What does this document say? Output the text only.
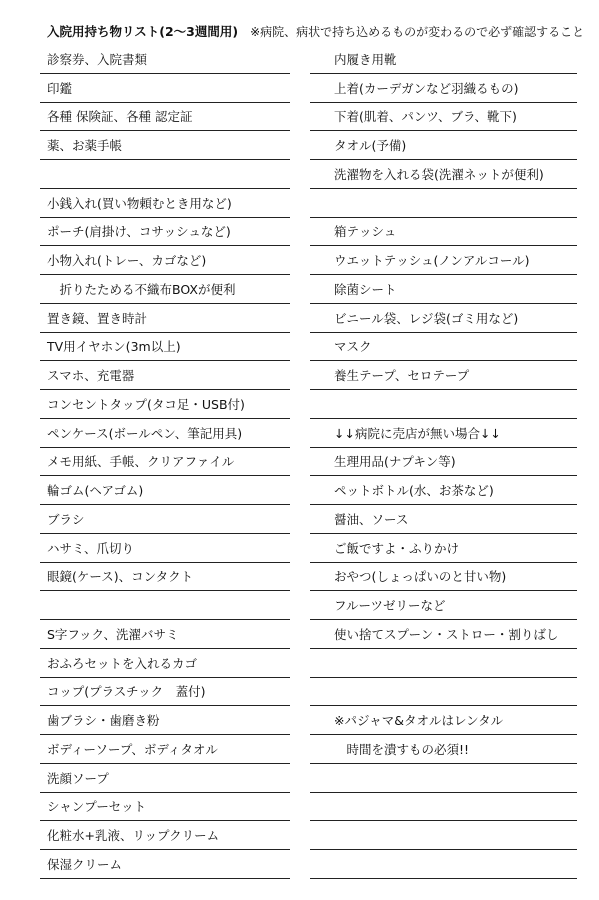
入院用持ち物リスト(2〜3週間用) ※病院、病状で持ち込めるものが変わるので必ず確認すること
診察券、入院書類
印鑑
各種 保険証、各種 認定証
薬、お薬手帳
小銭入れ(買い物頼むとき用など)
ポーチ(肩掛け、コサッシュなど)
小物入れ(トレー、カゴなど)
　折りたためる不織布BOXが便利
置き鏡、置き時計
TV用イヤホン(3m以上)
スマホ、充電器
コンセントタップ(タコ足・USB付)
ペンケース(ボールペン、筆記用具)
メモ用紙、手帳、クリアファイル
輪ゴム(ヘアゴム)
ブラシ
ハサミ、爪切り
眼鏡(ケース)、コンタクト
S字フック、洗濯バサミ
おふろセットを入れるカゴ
コップ(プラスチック　蓋付)
歯ブラシ・歯磨き粉
ボディーソープ、ボディタオル
洗顔ソープ
シャンプーセット
化粧水+乳液、リップクリーム
保湿クリーム
内履き用靴
上着(カーデガンなど羽織るもの)
下着(肌着、パンツ、ブラ、靴下)
タオル(予備)
洗濯物を入れる袋(洗濯ネットが便利)
箱テッシュ
ウエットテッシュ(ノンアルコール)
除菌シート
ビニール袋、レジ袋(ゴミ用など)
マスク
養生テープ、セロテープ
↓↓病院に売店が無い場合↓↓
生理用品(ナプキン等)
ペットボトル(水、お茶など)
醤油、ソース
ご飯ですよ・ふりかけ
おやつ(しょっぱいのと甘い物)
フルーツゼリーなど
使い捨てスプーン・ストロー・割りばし
※パジャマ&タオルはレンタル
　時間を潰すもの必須!!
